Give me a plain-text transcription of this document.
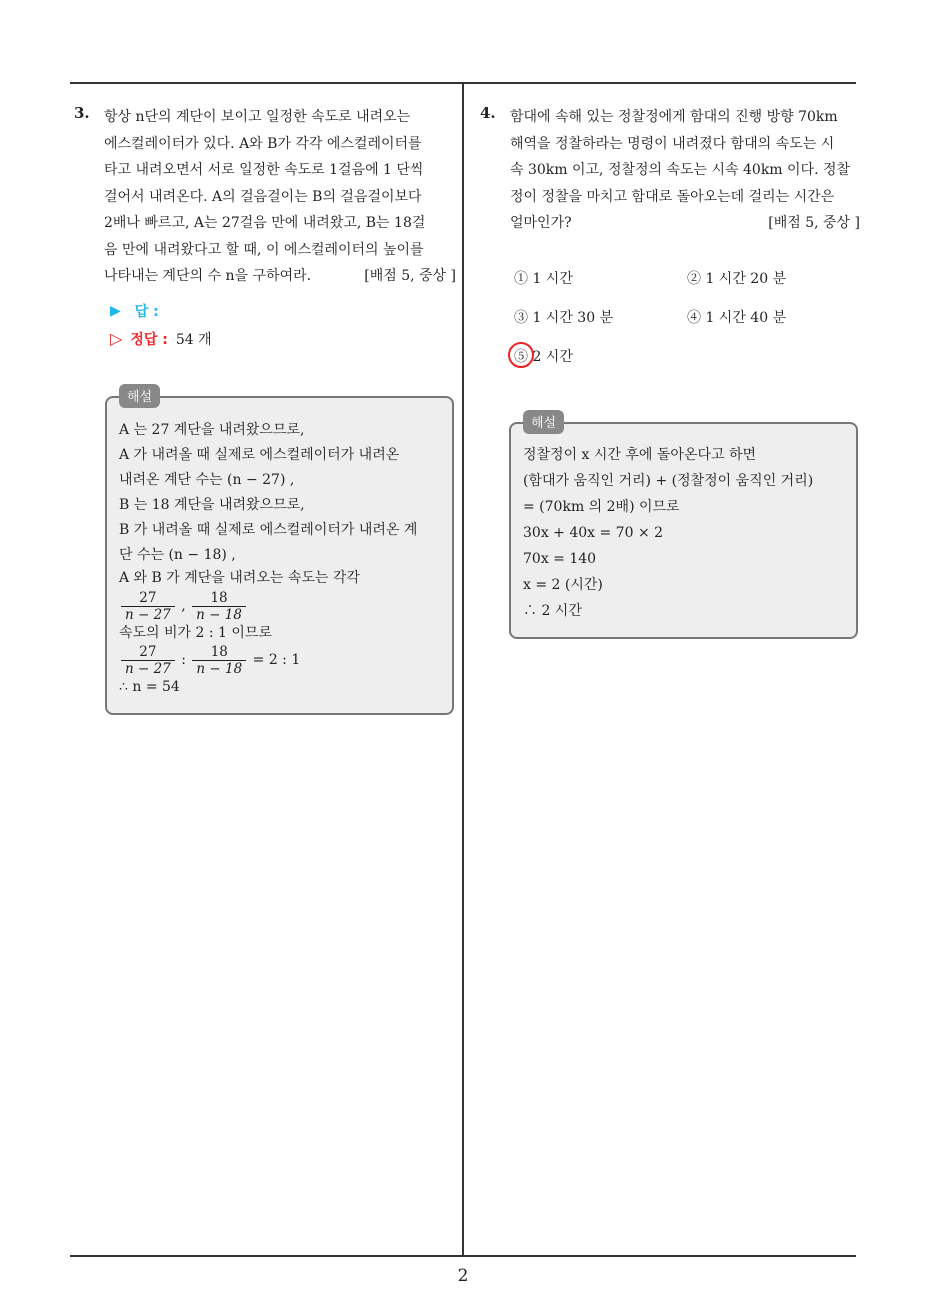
2
3.	항상 n단의 계단이 보이고 일정한 속도로 내려오는
에스컬레이터가 있다. A와 B가 각각 에스컬레이터를
타고 내려오면서 서로 일정한 속도로 1걸음에 1 단씩
걸어서 내려온다. A의 걸음걸이는 B의 걸음걸이보다
2배나 빠르고, A는 27걸음 만에 내려왔고, B는 18걸
음 만에 내려왔다고 할 때, 이 에스컬레이터의 높이를
나타내는 계단의 수 n을 구하여라.	[배점 5, 중상 ]
▶ 답 :
▷ 정답 : 54 개
해설
A 는 27 계단을 내려왔으므로,
A 가 내려올 때 실제로 에스컬레이터가 내려온
내려온 계단 수는 (n − 27) ,
B 는 18 계단을 내려왔으므로,
B 가 내려올 때 실제로 에스컬레이터가 내려온 계
단 수는 (n − 18) ,
A 와 B 가 계단을 내려오는 속도는 각각
$\frac{27}{n - 27}$ , $\frac{18}{n - 18}$
속도의 비가 2 : 1 이므로
$\frac{27}{n - 27}$ : $\frac{18}{n - 18} = 2$ : 1
∴ n = 54
4.	함대에 속해 있는 정찰정에게 함대의 진행 방향 70km
해역을 정찰하라는 명령이 내려졌다 함대의 속도는 시
속 30km 이고, 정찰정의 속도는 시속 40km 이다. 정찰
정이 정찰을 마치고 함대로 돌아오는데 걸리는 시간은
얼마인가?	[배점 5, 중상 ]
① 1 시간	② 1 시간 20 분
③ 1 시간 30 분	④ 1 시간 40 분
⑤ 2 시간
해설
정찰정이 x 시간 후에 돌아온다고 하면
(함대가 움직인 거리) + (정찰정이 움직인 거리)
= (70km 의 2배) 이므로
30x + 40x = 70 × 2
70x = 140
x = 2 (시간)
∴ 2 시간
